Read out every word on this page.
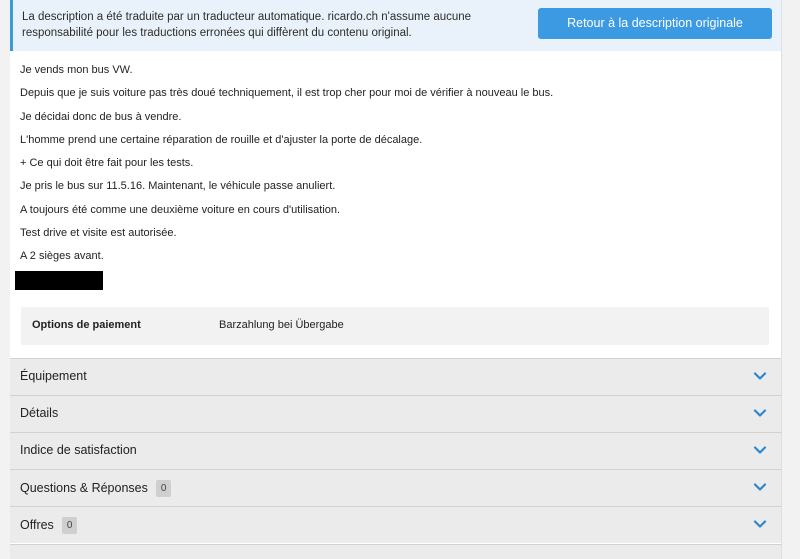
La description a été traduite par un traducteur automatique. ricardo.ch n'assume aucune responsabilité pour les traductions erronées qui diffèrent du contenu original.
Retour à la description originale

Je vends mon bus VW.

Depuis que je suis voiture pas très doué techniquement, il est trop cher pour moi de vérifier à nouveau le bus.

Je décidai donc de bus à vendre.

L'homme prend une certaine réparation de rouille et d'ajuster la porte de décalage.

+ Ce qui doit être fait pour les tests.

Je pris le bus sur 11.5.16. Maintenant, le véhicule passe anuliert.

A toujours été comme une deuxième voiture en cours d'utilisation.

Test drive et visite est autorisée.

A 2 sièges avant.

Options de paiement	Barzahlung bei Übergabe
Équipement
Détails
Indice de satisfaction
Questions & Réponses 0
Offres 0
